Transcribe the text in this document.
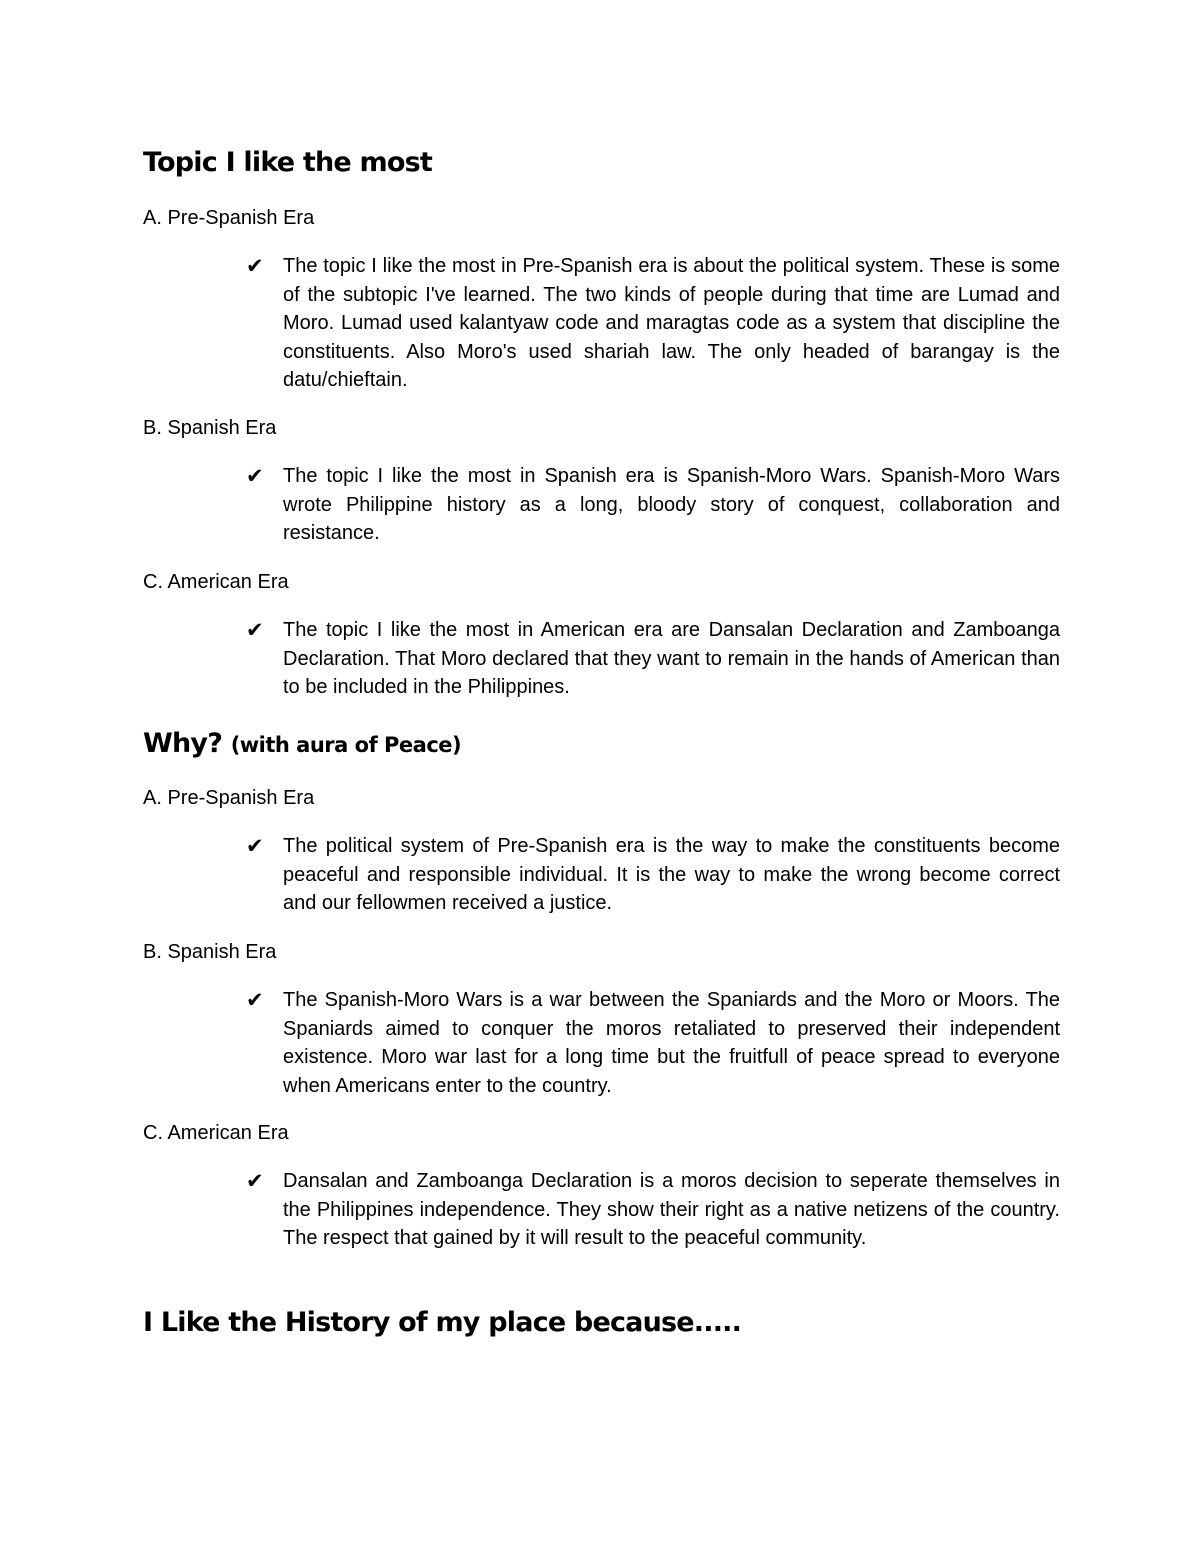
Topic I like the most

A. Pre-Spanish Era

✔ The topic I like the most in Pre-Spanish era is about the political system. These is some of the subtopic I've learned. The two kinds of people during that time are Lumad and Moro. Lumad used kalantyaw code and maragtas code as a system that discipline the constituents. Also Moro's used shariah law. The only headed of barangay is the datu/chieftain.

B. Spanish Era

✔ The topic I like the most in Spanish era is Spanish-Moro Wars. Spanish-Moro Wars wrote Philippine history as a long, bloody story of conquest, collaboration and resistance.

C. American Era

✔ The topic I like the most in American era are Dansalan Declaration and Zamboanga Declaration. That Moro declared that they want to remain in the hands of American than to be included in the Philippines.

Why? (with aura of Peace)

A. Pre-Spanish Era

✔ The political system of Pre-Spanish era is the way to make the constituents become peaceful and responsible individual. It is the way to make the wrong become correct and our fellowmen received a justice.

B. Spanish Era

✔ The Spanish-Moro Wars is a war between the Spaniards and the Moro or Moors. The Spaniards aimed to conquer the moros retaliated to preserved their independent existence. Moro war last for a long time but the fruitfull of peace spread to everyone when Americans enter to the country.

C. American Era

✔ Dansalan and Zamboanga Declaration is a moros decision to seperate themselves in the Philippines independence. They show their right as a native netizens of the country. The respect that gained by it will result to the peaceful community.

I Like the History of my place because.....
